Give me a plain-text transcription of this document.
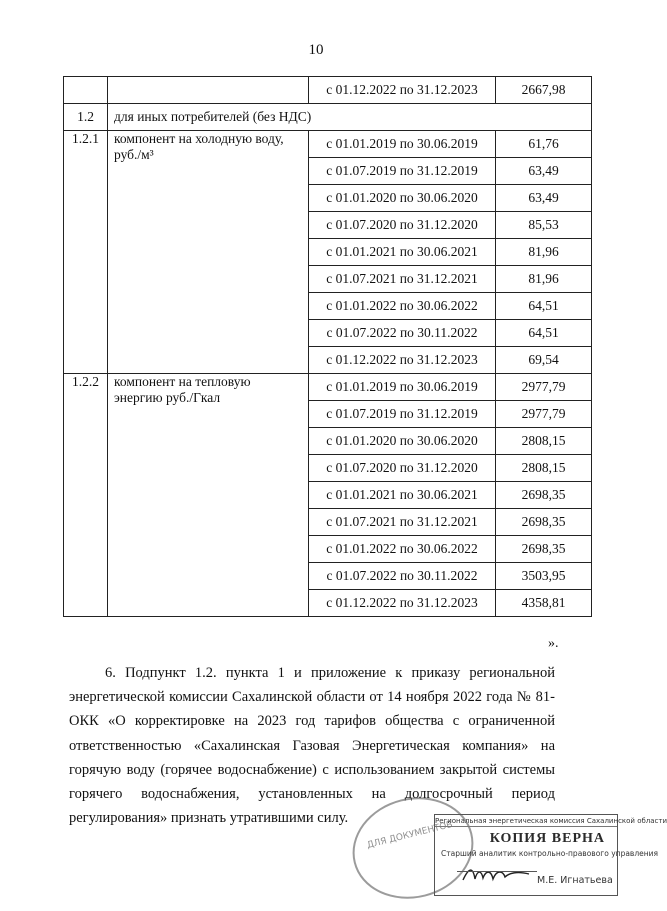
10
		с 01.12.2022 по 31.12.2023	2667,98
1.2	для иных потребителей (без НДС)		
1.2.1	компонент на холодную воду, руб./м³	с 01.01.2019 по 30.06.2019	61,76
		с 01.07.2019 по 31.12.2019	63,49
		с 01.01.2020 по 30.06.2020	63,49
		с 01.07.2020 по 31.12.2020	85,53
		с 01.01.2021 по 30.06.2021	81,96
		с 01.07.2021 по 31.12.2021	81,96
		с 01.01.2022 по 30.06.2022	64,51
		с 01.07.2022 по 30.11.2022	64,51
		с 01.12.2022 по 31.12.2023	69,54
1.2.2	компонент на тепловую энергию руб./Гкал	с 01.01.2019 по 30.06.2019	2977,79
		с 01.07.2019 по 31.12.2019	2977,79
		с 01.01.2020 по 30.06.2020	2808,15
		с 01.07.2020 по 31.12.2020	2808,15
		с 01.01.2021 по 30.06.2021	2698,35
		с 01.07.2021 по 31.12.2021	2698,35
		с 01.01.2022 по 30.06.2022	2698,35
		с 01.07.2022 по 30.11.2022	3503,95
		с 01.12.2022 по 31.12.2023	4358,81
».
6. Подпункт 1.2. пункта 1 и приложение к приказу региональной энергетической комиссии Сахалинской области от 14 ноября 2022 года № 81-ОКК «О корректировке на 2023 год тарифов общества с ограниченной ответственностью «Сахалинская Газовая Энергетическая компания» на горячую воду (горячее водоснабжение) с использованием закрытой системы горячего водоснабжения, установленных на долгосрочный период регулирования» признать утратившими силу.
ДЛЯ ДОКУМЕНТОВ
Региональная энергетическая комиссия Сахалинской области
КОПИЯ ВЕРНА
Старший аналитик контрольно-правового управления
М.Е. Игнатьева
